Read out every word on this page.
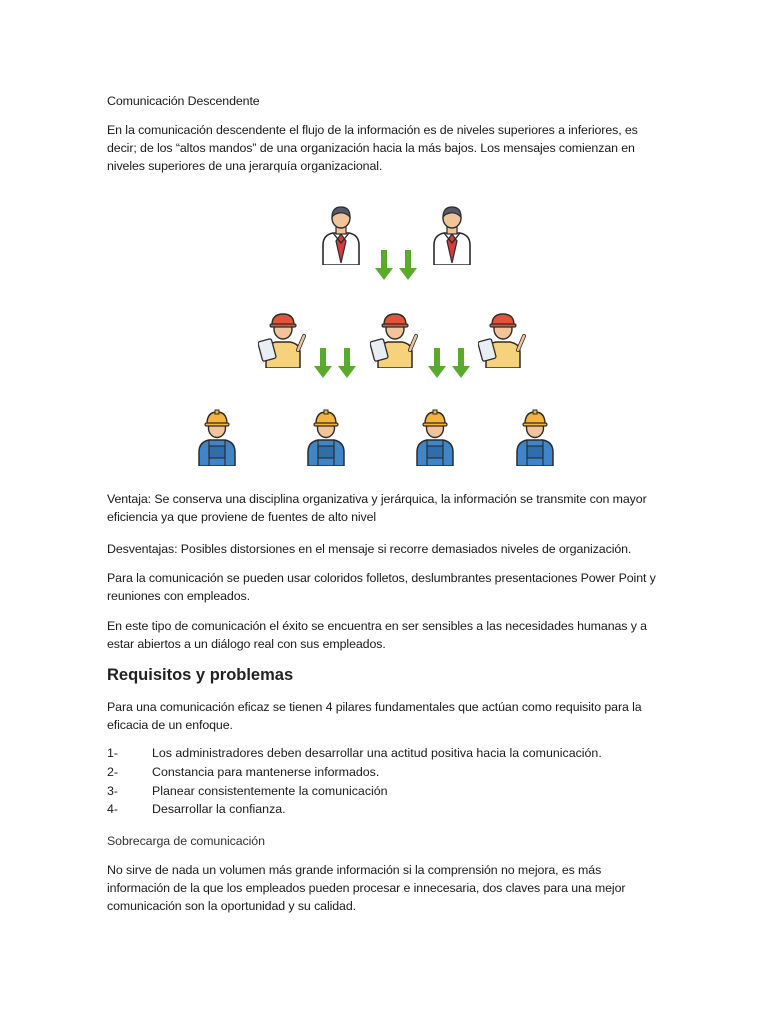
Comunicación Descendente

En la comunicación descendente el flujo de la información es de niveles superiores a inferiores, es decir; de los “altos mandos” de una organización hacia la más bajos. Los mensajes comienzan en niveles superiores de una jerarquía organizacional.

Ventaja: Se conserva una disciplina organizativa y jerárquica, la información se transmite con mayor eficiencia ya que proviene de fuentes de alto nivel

Desventajas: Posibles distorsiones en el mensaje si recorre demasiados niveles de organización.

Para la comunicación se pueden usar coloridos folletos, deslumbrantes presentaciones Power Point y reuniones con empleados.

En este tipo de comunicación el éxito se encuentra en ser sensibles a las necesidades humanas y a estar abiertos a un diálogo real con sus empleados.

Requisitos y problemas

Para una comunicación eficaz se tienen 4 pilares fundamentales que actúan como requisito para la eficacia de un enfoque.

1-	Los administradores deben desarrollar una actitud positiva hacia la comunicación.
2-	Constancia para mantenerse informados.
3-	Planear consistentemente la comunicación
4-	Desarrollar la confianza.

Sobrecarga de comunicación

No sirve de nada un volumen más grande información si la comprensión no mejora, es más información de la que los empleados pueden procesar e innecesaria, dos claves para una mejor comunicación son la oportunidad y su calidad.
